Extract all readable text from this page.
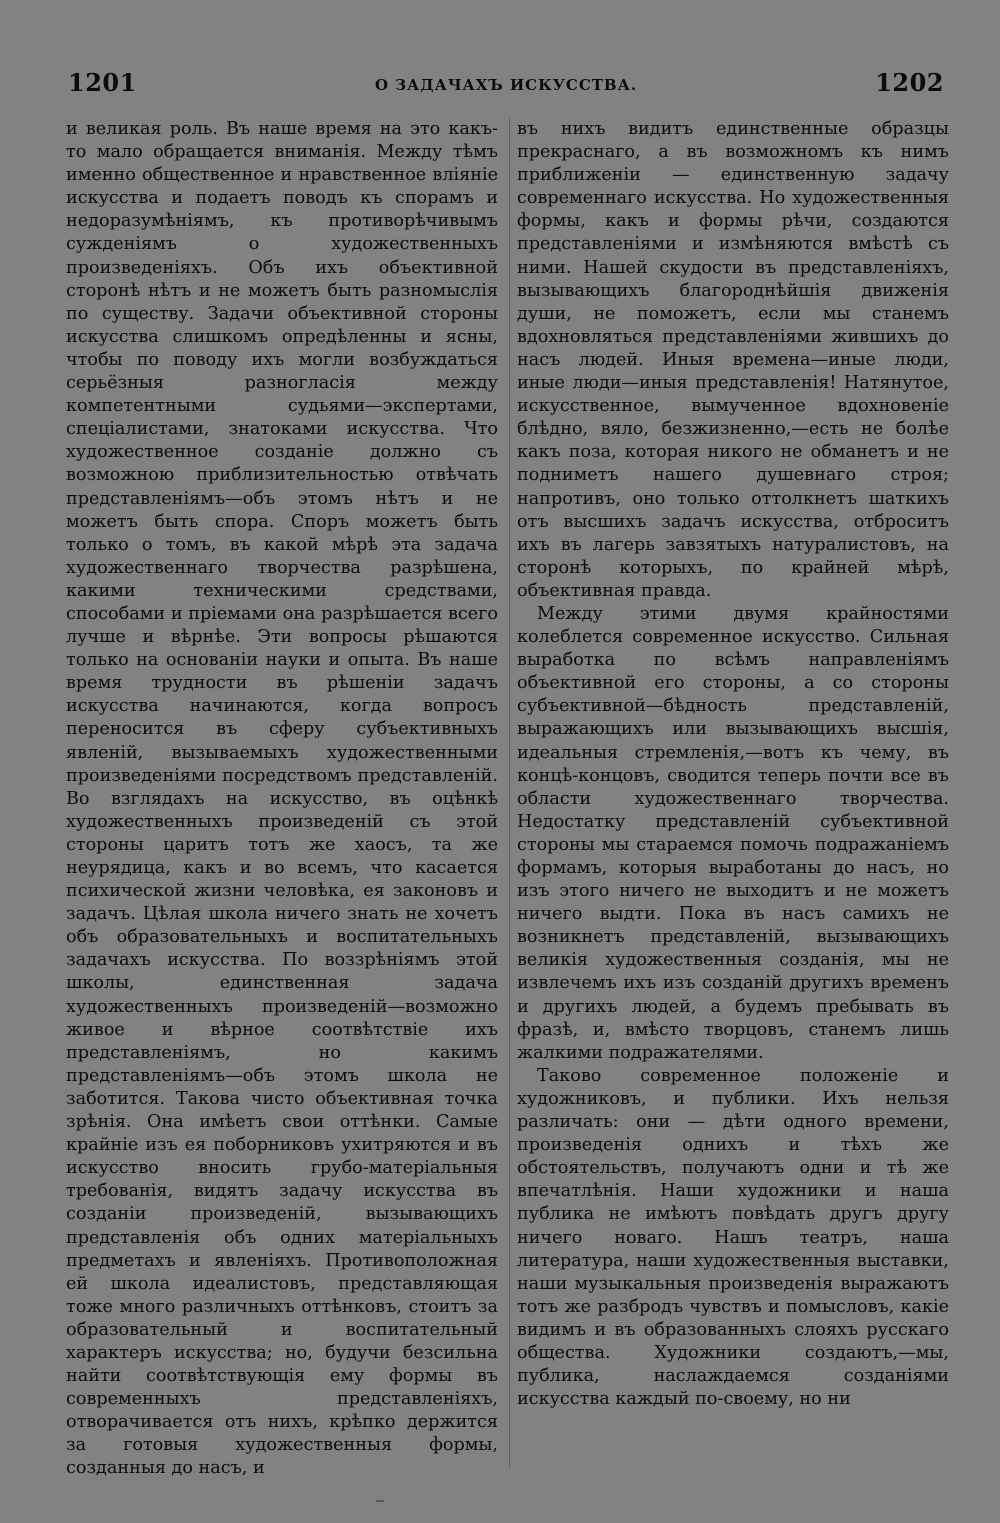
1201	О ЗАДАЧАХЪ ИСКУССТВА.	1202

и великая роль. Въ наше время на это какъ-то мало обращается вниманія. Между тѣмъ именно общественное и нравственное вліяніе искусства и подаетъ поводъ къ спорамъ и недоразумѣніямъ, къ противорѣчивымъ сужденіямъ о художественныхъ произведеніяхъ. Объ ихъ объективной сторонѣ нѣтъ и не можетъ быть разномыслія по существу. Задачи объективной стороны искусства слишкомъ опредѣленны и ясны, чтобы по поводу ихъ могли возбуждаться серьёзныя разногласія между компетентными судьями—экспертами, спеціалистами, знатоками искусства. Что художественное созданіе должно съ возможною приблизительностью отвѣчать представленіямъ—объ этомъ нѣтъ и не можетъ быть спора. Споръ можетъ быть только о томъ, въ какой мѣрѣ эта задача художественнаго творчества разрѣшена, какими техническими средствами, способами и пріемами она разрѣшается всего лучше и вѣрнѣе. Эти вопросы рѣшаются только на основаніи науки и опыта. Въ наше время трудности въ рѣшеніи задачъ искусства начинаются, когда вопросъ переносится въ сферу субъективныхъ явленій, вызываемыхъ художественными произведеніями посредствомъ представленій. Во взглядахъ на искусство, въ оцѣнкѣ художественныхъ произведеній съ этой стороны царитъ тотъ же хаосъ, та же неурядица, какъ и во всемъ, что касается психической жизни человѣка, ея законовъ и задачъ. Цѣлая школа ничего знать не хочетъ объ образовательныхъ и воспитательныхъ задачахъ искусства. По воззрѣніямъ этой школы, единственная задача художественныхъ произведеній—возможно живое и вѣрное соотвѣтствіе ихъ представленіямъ, но какимъ представленіямъ—объ этомъ школа не заботится. Такова чисто объективная точка зрѣнія. Она имѣетъ свои оттѣнки. Самые крайніе изъ ея поборниковъ ухитряются и въ искусство вносить грубо-матеріальныя требованія, видятъ задачу искусства въ созданіи произведеній, вызывающихъ представленія объ одних матеріальныхъ предметахъ и явленіяхъ. Противоположная ей школа идеалистовъ, представляющая тоже много различныхъ оттѣнковъ, стоитъ за образовательный и воспитательный характеръ искусства; но, будучи безсильна найти соотвѣтствующія ему формы въ современныхъ представленіяхъ, отворачивается отъ нихъ, крѣпко держится за готовыя художественныя формы, созданныя до насъ, и

въ нихъ видитъ единственные образцы прекраснаго, а въ возможномъ къ нимъ приближеніи — единственную задачу современнаго искусства. Но художественныя формы, какъ и формы рѣчи, создаются представленіями и измѣняются вмѣстѣ съ ними. Нашей скудости въ представленіяхъ, вызывающихъ благороднѣйшія движенія души, не поможетъ, если мы станемъ вдохновляться представленіями жившихъ до насъ людей. Иныя времена—иные люди, иные люди—иныя представленія! Натянутое, искусственное, вымученное вдохновеніе блѣдно, вяло, безжизненно,—есть не болѣе какъ поза, которая никого не обманетъ и не подниметъ нашего душевнаго строя; напротивъ, оно только оттолкнетъ шаткихъ отъ высшихъ задачъ искусства, отброситъ ихъ въ лагерь завзятыхъ натуралистовъ, на сторонѣ которыхъ, по крайней мѣрѣ, объективная правда.

Между этими двумя крайностями колеблется современное искусство. Сильная выработка по всѣмъ направленіямъ объективной его стороны, а со стороны субъективной—бѣдность представленій, выражающихъ или вызывающихъ высшія, идеальныя стремленія,—вотъ къ чему, въ концѣ-концовъ, сводится теперь почти все въ области художественнаго творчества. Недостатку представленій субъективной стороны мы стараемся помочь подражаніемъ формамъ, которыя выработаны до насъ, но изъ этого ничего не выходитъ и не можетъ ничего выдти. Пока въ насъ самихъ не возникнетъ представленій, вызывающихъ великія художественныя созданія, мы не извлечемъ ихъ изъ созданій другихъ временъ и другихъ людей, а будемъ пребывать въ фразѣ, и, вмѣсто творцовъ, станемъ лишь жалкими подражателями.

Таково современное положеніе и художниковъ, и публики. Ихъ нельзя различать: они — дѣти одного времени, произведенія однихъ и тѣхъ же обстоятельствъ, получаютъ одни и тѣ же впечатлѣнія. Наши художники и наша публика не имѣютъ повѣдать другъ другу ничего новаго. Нашъ театръ, наша литература, наши художественныя выставки, наши музыкальныя произведенія выражаютъ тотъ же разбродъ чувствъ и помысловъ, какіе видимъ и въ образованныхъ слояхъ русскаго общества. Художники создаютъ,—мы, публика, наслаждаемся созданіями искусства каждый по-своему, но ни
